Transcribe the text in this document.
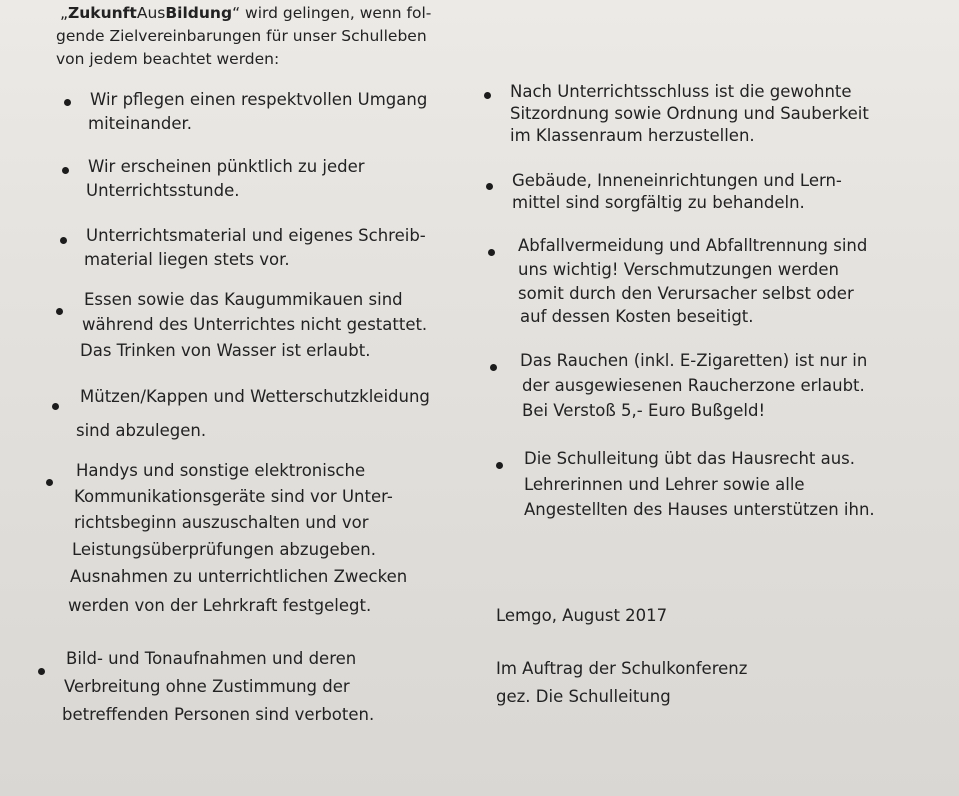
„ZukunftAusBildung“ wird gelingen, wenn fol-
gende Zielvereinbarungen für unser Schulleben
von jedem beachtet werden:
Wir pflegen einen respektvollen Umgang
miteinander.
Wir erscheinen pünktlich zu jeder
Unterrichtsstunde.
Unterrichtsmaterial und eigenes Schreib-
material liegen stets vor.
Essen sowie das Kaugummikauen sind
während des Unterrichtes nicht gestattet.
Das Trinken von Wasser ist erlaubt.
Mützen/Kappen und Wetterschutzkleidung
sind abzulegen.
Handys und sonstige elektronische
Kommunikationsgeräte sind vor Unter-
richtsbeginn auszuschalten und vor
Leistungsüberprüfungen abzugeben.
Ausnahmen zu unterrichtlichen Zwecken
werden von der Lehrkraft festgelegt.
Bild- und Tonaufnahmen und deren
Verbreitung ohne Zustimmung der
betreffenden Personen sind verboten.
Nach Unterrichtsschluss ist die gewohnte
Sitzordnung sowie Ordnung und Sauberkeit
im Klassenraum herzustellen.
Gebäude, Inneneinrichtungen und Lern-
mittel sind sorgfältig zu behandeln.
Abfallvermeidung und Abfalltrennung sind
uns wichtig! Verschmutzungen werden
somit durch den Verursacher selbst oder
auf dessen Kosten beseitigt.
Das Rauchen (inkl. E-Zigaretten) ist nur in
der ausgewiesenen Raucherzone erlaubt.
Bei Verstoß 5,- Euro Bußgeld!
Die Schulleitung übt das Hausrecht aus.
Lehrerinnen und Lehrer sowie alle
Angestellten des Hauses unterstützen ihn.
Lemgo, August 2017
Im Auftrag der Schulkonferenz
gez. Die Schulleitung
